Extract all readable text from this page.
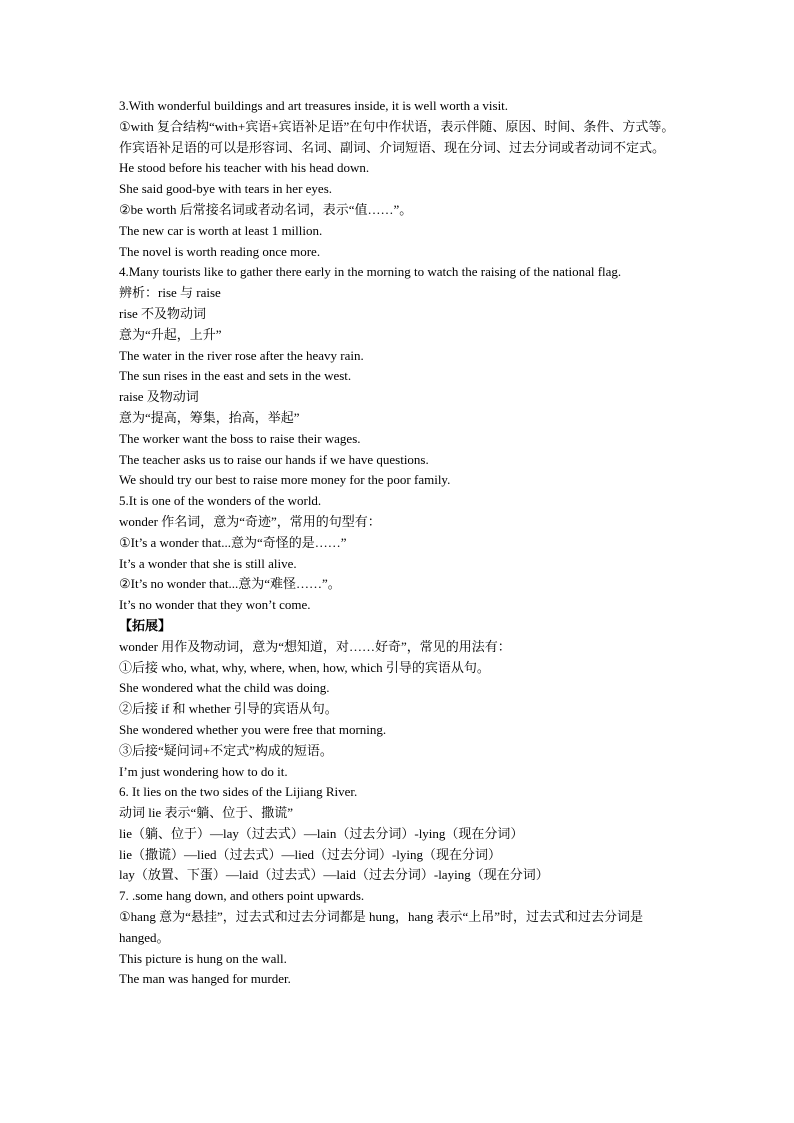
3.With wonderful buildings and art treasures inside, it is well worth a visit.
①with 复合结构“with+宾语+宾语补足语”在句中作状语，表示伴随、原因、时间、条件、方式等。作宾语补足语的可以是形容词、名词、副词、介词短语、现在分词、过去分词或者动词不定式。
He stood before his teacher with his head down.
She said good-bye with tears in her eyes.
②be worth 后常接名词或者动名词，表示“值……”。
The new car is worth at least 1 million.
The novel is worth reading once more.
4.Many tourists like to gather there early in the morning to watch the raising of the national flag.
辨析：rise 与 raise
rise 不及物动词
意为“升起，上升”
The water in the river rose after the heavy rain.
The sun rises in the east and sets in the west.
raise 及物动词
意为“提高，筹集，抬高，举起”
The worker want the boss to raise their wages.
The teacher asks us to raise our hands if we have questions.
We should try our best to raise more money for the poor family.
5.It is one of the wonders of the world.
wonder 作名词，意为“奇迹”，常用的句型有：
①It’s a wonder that...意为“奇怪的是……”
It’s a wonder that she is still alive.
②It’s no wonder that...意为“难怪……”。
It’s no wonder that they won’t come.
【拓展】
wonder 用作及物动词，意为“想知道，对……好奇”，常见的用法有：
①后接 who, what, why, where, when, how, which 引导的宾语从句。
She wondered what the child was doing.
②后接 if 和 whether 引导的宾语从句。
She wondered whether you were free that morning.
③后接“疑问词+不定式”构成的短语。
I’m just wondering how to do it.
6. It lies on the two sides of the Lijiang River.
动词 lie 表示“躺、位于、撒谎”
lie（躺、位于）—lay（过去式）—lain（过去分词）-lying（现在分词）
lie（撒谎）—lied（过去式）—lied（过去分词）-lying（现在分词）
lay（放置、下蛋）—laid（过去式）—laid（过去分词）-laying（现在分词）
7. .some hang down, and others point upwards.
①hang 意为“悬挂”，过去式和过去分词都是 hung，hang 表示“上吊”时，过去式和过去分词是 hanged。
This picture is hung on the wall.
The man was hanged for murder.
